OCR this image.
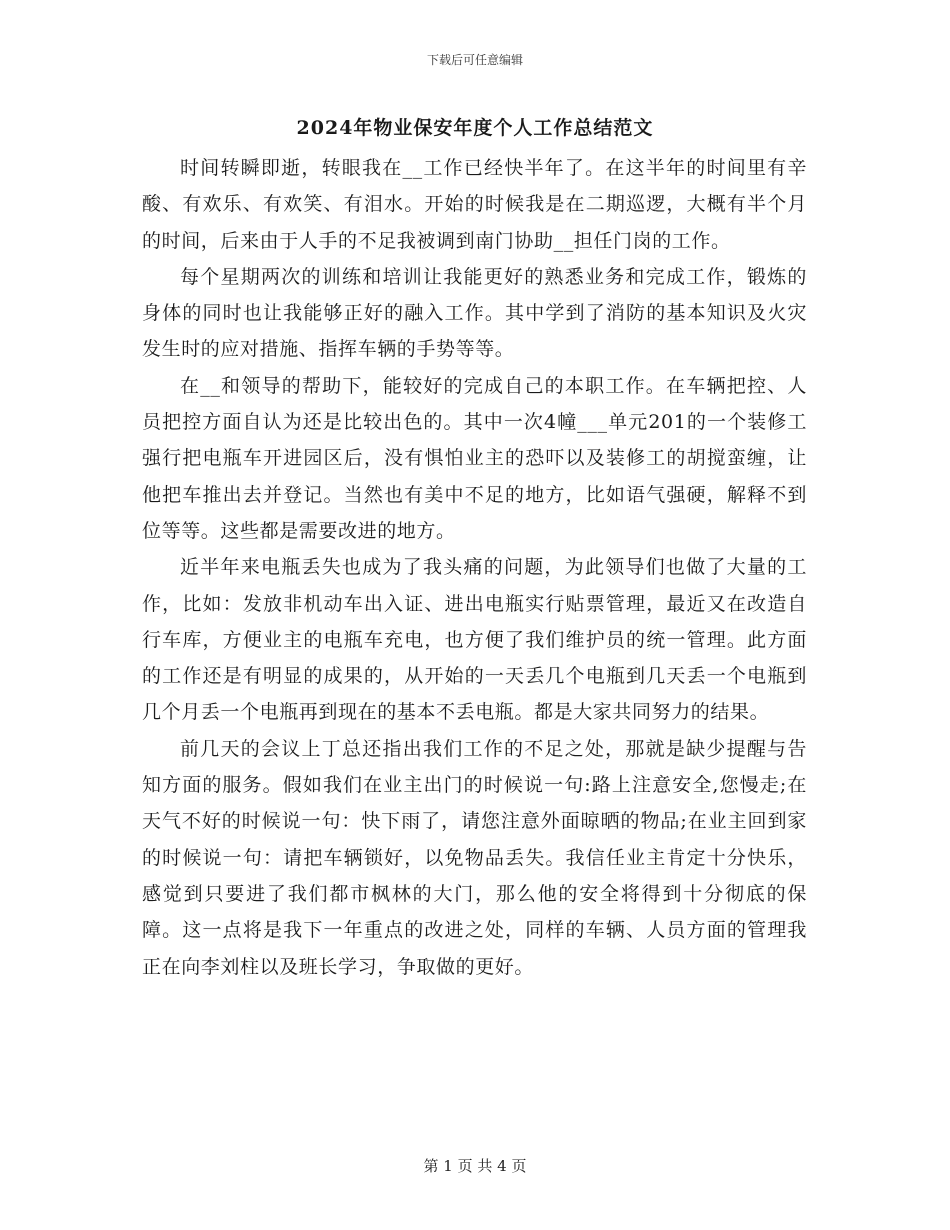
下载后可任意编辑
2024年物业保安年度个人工作总结范文

时间转瞬即逝，转眼我在__工作已经快半年了。在这半年的时间里有辛酸、有欢乐、有欢笑、有泪水。开始的时候我是在二期巡逻，大概有半个月的时间，后来由于人手的不足我被调到南门协助__担任门岗的工作。

每个星期两次的训练和培训让我能更好的熟悉业务和完成工作，锻炼的身体的同时也让我能够正好的融入工作。其中学到了消防的基本知识及火灾发生时的应对措施、指挥车辆的手势等等。

在__和领导的帮助下，能较好的完成自己的本职工作。在车辆把控、人员把控方面自认为还是比较出色的。其中一次4幢___单元201的一个装修工强行把电瓶车开进园区后，没有惧怕业主的恐吓以及装修工的胡搅蛮缠，让他把车推出去并登记。当然也有美中不足的地方，比如语气强硬，解释不到位等等。这些都是需要改进的地方。

近半年来电瓶丢失也成为了我头痛的问题，为此领导们也做了大量的工作，比如：发放非机动车出入证、进出电瓶实行贴票管理，最近又在改造自行车库，方便业主的电瓶车充电，也方便了我们维护员的统一管理。此方面的工作还是有明显的成果的，从开始的一天丢几个电瓶到几天丢一个电瓶到几个月丢一个电瓶再到现在的基本不丢电瓶。都是大家共同努力的结果。

前几天的会议上丁总还指出我们工作的不足之处，那就是缺少提醒与告知方面的服务。假如我们在业主出门的时候说一句:路上注意安全,您慢走;在天气不好的时候说一句：快下雨了，请您注意外面晾晒的物品;在业主回到家的时候说一句：请把车辆锁好，以免物品丢失。我信任业主肯定十分快乐，感觉到只要进了我们都市枫林的大门，那么他的安全将得到十分彻底的保障。这一点将是我下一年重点的改进之处，同样的车辆、人员方面的管理我正在向李刘柱以及班长学习，争取做的更好。

第 1 页 共 4 页
